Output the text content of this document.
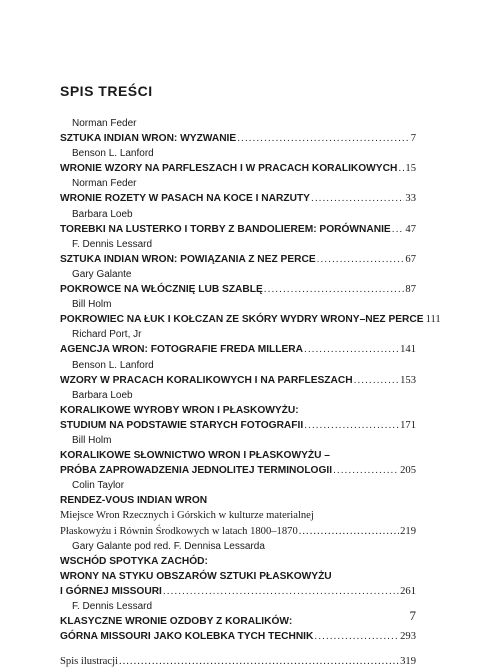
SPIS TREŚCI
Norman Feder
SZTUKA INDIAN WRON: WYZWANIE .....	7
Benson L. Lanford
WRONIE WZORY NA PARFLESZACH I W PRACACH KORALIKOWYCH ..... 15
Norman Feder
WRONIE ROZETY W PASACH NA KOCE I NARZUTY .....	33
Barbara Loeb
TOREBKI NA LUSTERKO I TORBY Z BANDOLIEREM: PORÓWNANIE ..... 47
F. Dennis Lessard
SZTUKA INDIAN WRON: POWIĄZANIA Z NEZ PERCE .....	67
Gary Galante
POKROWCE NA WŁÓCZNIĘ LUB SZABLĘ .....	87
Bill Holm
POKROWIEC NA ŁUK I KOŁCZAN ZE SKÓRY WYDRY WRONY–NEZ PERCE 111
Richard Port, Jr
AGENCJA WRON: FOTOGRAFIE FREDA MILLERA .....	141
Benson L. Lanford
WZORY W PRACACH KORALIKOWYCH I NA PARFLESZACH .....	153
Barbara Loeb
KORALIKOWE WYROBY WRON I PŁASKOWYŻU:
STUDIUM NA PODSTAWIE STARYCH FOTOGRAFII .....	171
Bill Holm
KORALIKOWE SŁOWNICTWO WRON I PŁASKOWYŻU –
PRÓBA ZAPROWADZENIA JEDNOLITEJ TERMINOLOGII .....	205
Colin Taylor
RENDEZ-VOUS INDIAN WRON
Miejsce Wron Rzecznych i Górskich w kulturze materialnej
Płaskowyżu i Równin Środkowych w latach 1800–1870 .....	219
Gary Galante pod red. F. Dennisa Lessarda
WSCHÓD SPOTYKA ZACHÓD:
WRONY NA STYKU OBSZARÓW SZTUKI PŁASKOWYŻU
I GÓRNEJ MISSOURI .....	261
F. Dennis Lessard
KLASYCZNE WRONIE OZDOBY Z KORALIKÓW:
GÓRNA MISSOURI JAKO KOLEBKA TYCH TECHNIK .....	293
Spis ilustracji .....	319
7
